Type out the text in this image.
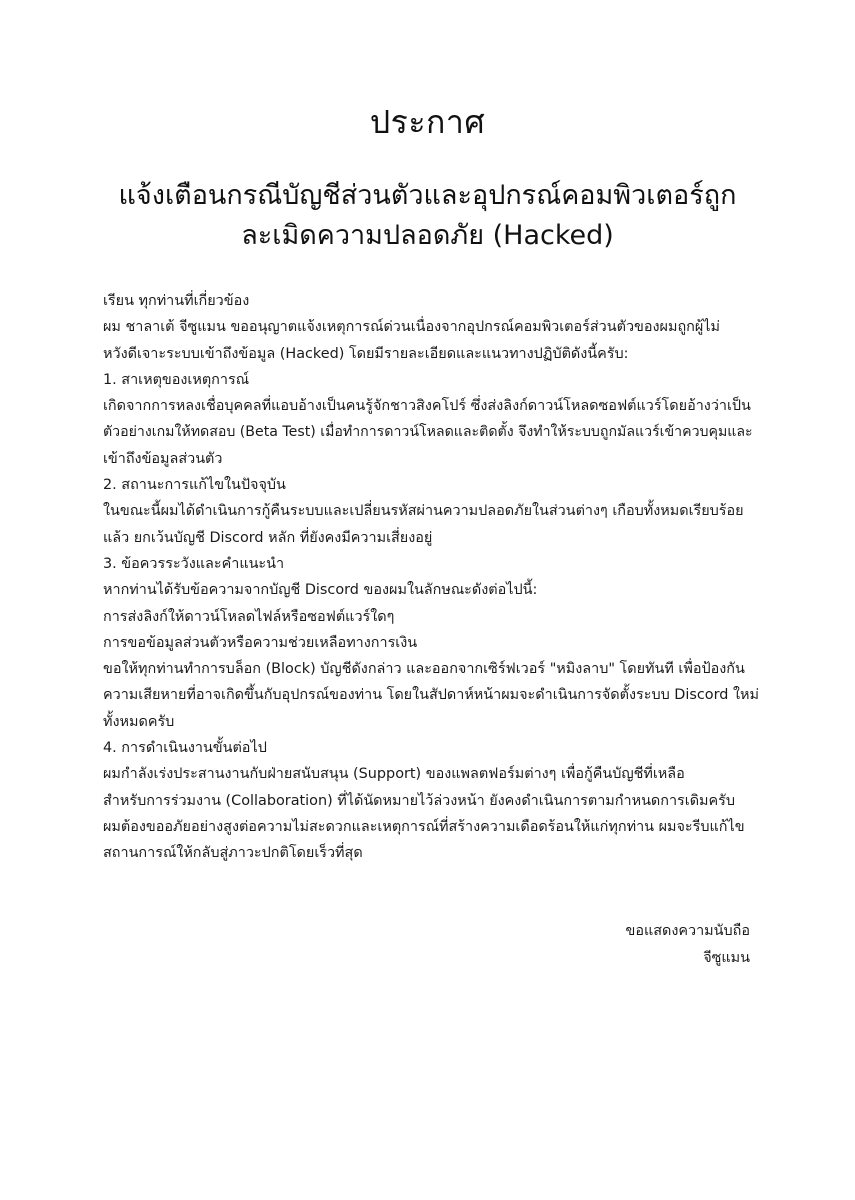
ประกาศ
แจ้งเตือนกรณีบัญชีส่วนตัวและอุปกรณ์คอมพิวเตอร์ถูก
ละเมิดความปลอดภัย (Hacked)
เรียน ทุกท่านที่เกี่ยวข้อง
ผม ชาลาเต้ จีซูแมน ขออนุญาตแจ้งเหตุการณ์ด่วนเนื่องจากอุปกรณ์คอมพิวเตอร์ส่วนตัวของผมถูกผู้ไม่
หวังดีเจาะระบบเข้าถึงข้อมูล (Hacked) โดยมีรายละเอียดและแนวทางปฏิบัติดังนี้ครับ:
1. สาเหตุของเหตุการณ์
เกิดจากการหลงเชื่อบุคคลที่แอบอ้างเป็นคนรู้จักชาวสิงคโปร์ ซึ่งส่งลิงก์ดาวน์โหลดซอฟต์แวร์โดยอ้างว่าเป็น
ตัวอย่างเกมให้ทดสอบ (Beta Test) เมื่อทำการดาวน์โหลดและติดตั้ง จึงทำให้ระบบถูกมัลแวร์เข้าควบคุมและ
เข้าถึงข้อมูลส่วนตัว
2. สถานะการแก้ไขในปัจจุบัน
ในขณะนี้ผมได้ดำเนินการกู้คืนระบบและเปลี่ยนรหัสผ่านความปลอดภัยในส่วนต่างๆ เกือบทั้งหมดเรียบร้อย
แล้ว ยกเว้นบัญชี Discord หลัก ที่ยังคงมีความเสี่ยงอยู่
3. ข้อควรระวังและคำแนะนำ
หากท่านได้รับข้อความจากบัญชี Discord ของผมในลักษณะดังต่อไปนี้:
การส่งลิงก์ให้ดาวน์โหลดไฟล์หรือซอฟต์แวร์ใดๆ
การขอข้อมูลส่วนตัวหรือความช่วยเหลือทางการเงิน
ขอให้ทุกท่านทำการบล็อก (Block) บัญชีดังกล่าว และออกจากเซิร์ฟเวอร์ "หมิงลาบ" โดยทันที เพื่อป้องกัน
ความเสียหายที่อาจเกิดขึ้นกับอุปกรณ์ของท่าน โดยในสัปดาห์หน้าผมจะดำเนินการจัดตั้งระบบ Discord ใหม่
ทั้งหมดครับ
4. การดำเนินงานขั้นต่อไป
ผมกำลังเร่งประสานงานกับฝ่ายสนับสนุน (Support) ของแพลตฟอร์มต่างๆ เพื่อกู้คืนบัญชีที่เหลือ
สำหรับการร่วมงาน (Collaboration) ที่ได้นัดหมายไว้ล่วงหน้า ยังคงดำเนินการตามกำหนดการเดิมครับ
ผมต้องขออภัยอย่างสูงต่อความไม่สะดวกและเหตุการณ์ที่สร้างความเดือดร้อนให้แก่ทุกท่าน ผมจะรีบแก้ไข
สถานการณ์ให้กลับสู่ภาวะปกติโดยเร็วที่สุด
ขอแสดงความนับถือ
จีซูแมน
